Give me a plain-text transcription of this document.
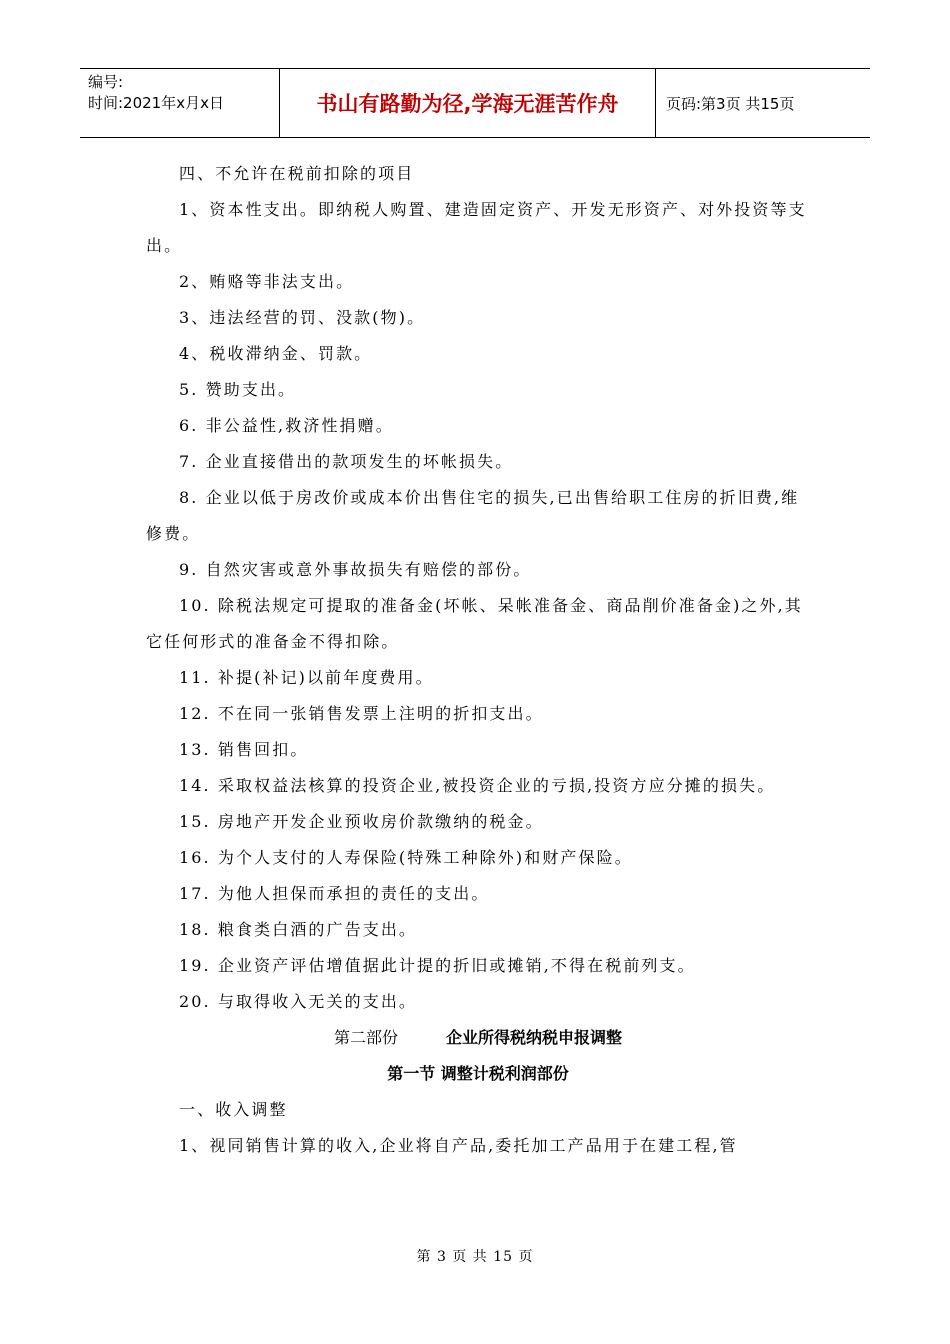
编号:
时间:2021年x月x日	书山有路勤为径,学海无涯苦作舟	页码:第3页 共15页

四、不允许在税前扣除的项目

1、资本性支出。即纳税人购置、建造固定资产、开发无形资产、对外投资等支出。

2、贿赂等非法支出。

3、违法经营的罚、没款(物)。

4、税收滞纳金、罚款。

5. 赞助支出。

6. 非公益性,救济性捐赠。

7. 企业直接借出的款项发生的坏帐损失。

8. 企业以低于房改价或成本价出售住宅的损失,已出售给职工住房的折旧费,维修费。

9. 自然灾害或意外事故损失有赔偿的部份。

10. 除税法规定可提取的准备金(坏帐、呆帐准备金、商品削价准备金)之外,其它任何形式的准备金不得扣除。

11. 补提(补记)以前年度费用。

12. 不在同一张销售发票上注明的折扣支出。

13. 销售回扣。

14. 采取权益法核算的投资企业,被投资企业的亏损,投资方应分摊的损失。

15. 房地产开发企业预收房价款缴纳的税金。

16. 为个人支付的人寿保险(特殊工种除外)和财产保险。

17. 为他人担保而承担的责任的支出。

18. 粮食类白酒的广告支出。

19. 企业资产评估增值据此计提的折旧或摊销,不得在税前列支。

20. 与取得收入无关的支出。

第二部份	企业所得税纳税申报调整

第一节 调整计税利润部份

一、收入调整

1、视同销售计算的收入,企业将自产品,委托加工产品用于在建工程,管

第 3 页 共 15 页
